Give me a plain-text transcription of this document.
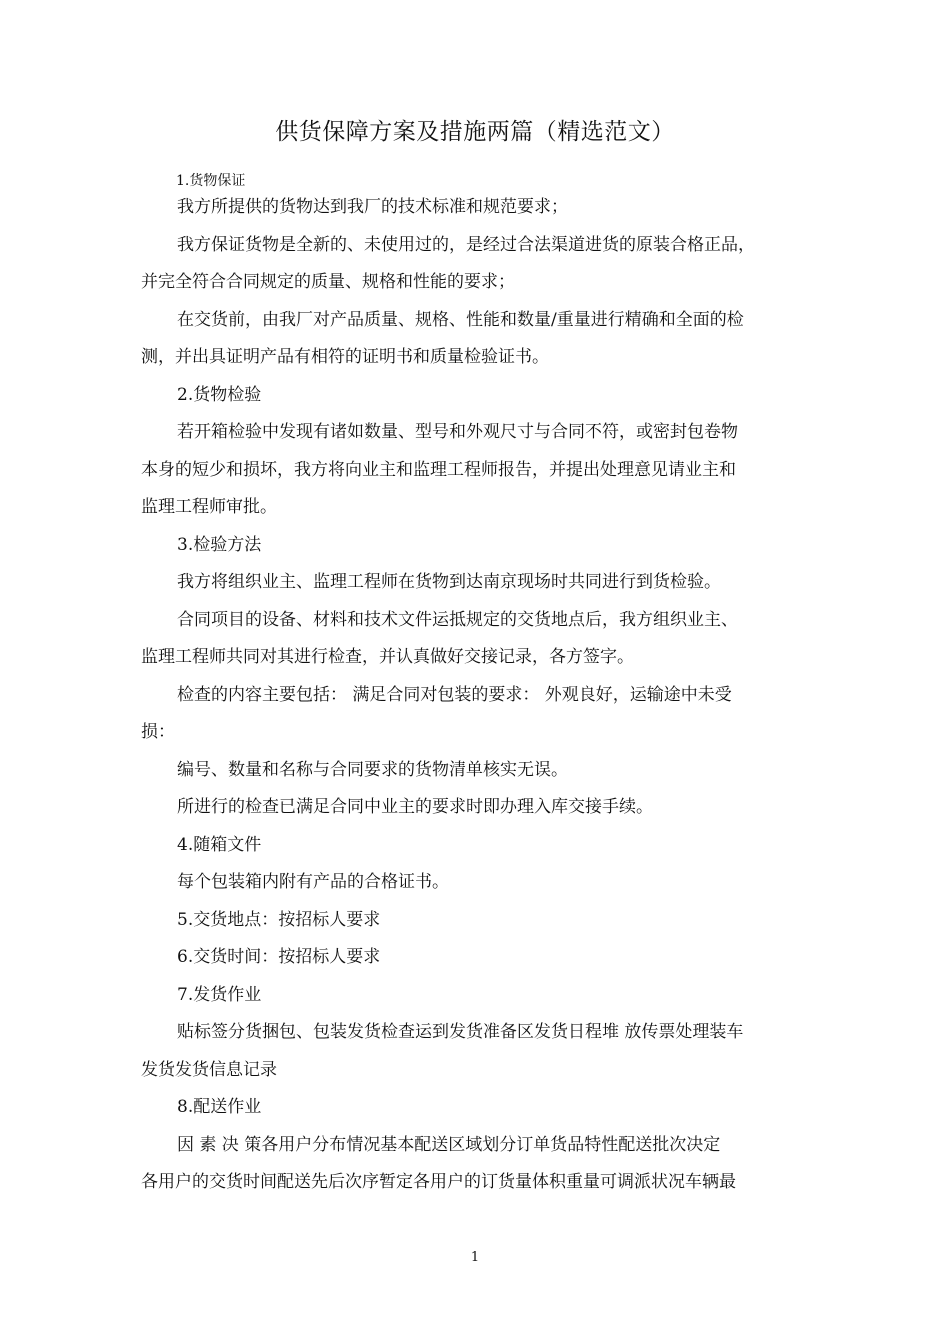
供货保障方案及措施两篇（精选范文）
1.货物保证
我方所提供的货物达到我厂的技术标准和规范要求；
我方保证货物是全新的、未使用过的，是经过合法渠道进货的原装合格正品，
并完全符合合同规定的质量、规格和性能的要求；
在交货前，由我厂对产品质量、规格、性能和数量/重量进行精确和全面的检
测，并出具证明产品有相符的证明书和质量检验证书。
2.货物检验
若开箱检验中发现有诸如数量、型号和外观尺寸与合同不符，或密封包卷物
本身的短少和损坏，我方将向业主和监理工程师报告，并提出处理意见请业主和
监理工程师审批。
3.检验方法
我方将组织业主、监理工程师在货物到达南京现场时共同进行到货检验。
合同项目的设备、材料和技术文件运抵规定的交货地点后，我方组织业主、
监理工程师共同对其进行检查，并认真做好交接记录，各方签字。
检查的内容主要包括： 满足合同对包装的要求： 外观良好，运输途中未受
损：
编号、数量和名称与合同要求的货物清单核实无误。
所进行的检查已满足合同中业主的要求时即办理入库交接手续。
4.随箱文件
每个包装箱内附有产品的合格证书。
5.交货地点：按招标人要求
6.交货时间：按招标人要求
7.发货作业
贴标签分货捆包、包装发货检查运到发货准备区发货日程堆 放传票处理装车
发货发货信息记录
8.配送作业
因 素 决 策各用户分布情况基本配送区域划分订单货品特性配送批次决定
各用户的交货时间配送先后次序暂定各用户的订货量体积重量可调派状况车辆最
1
